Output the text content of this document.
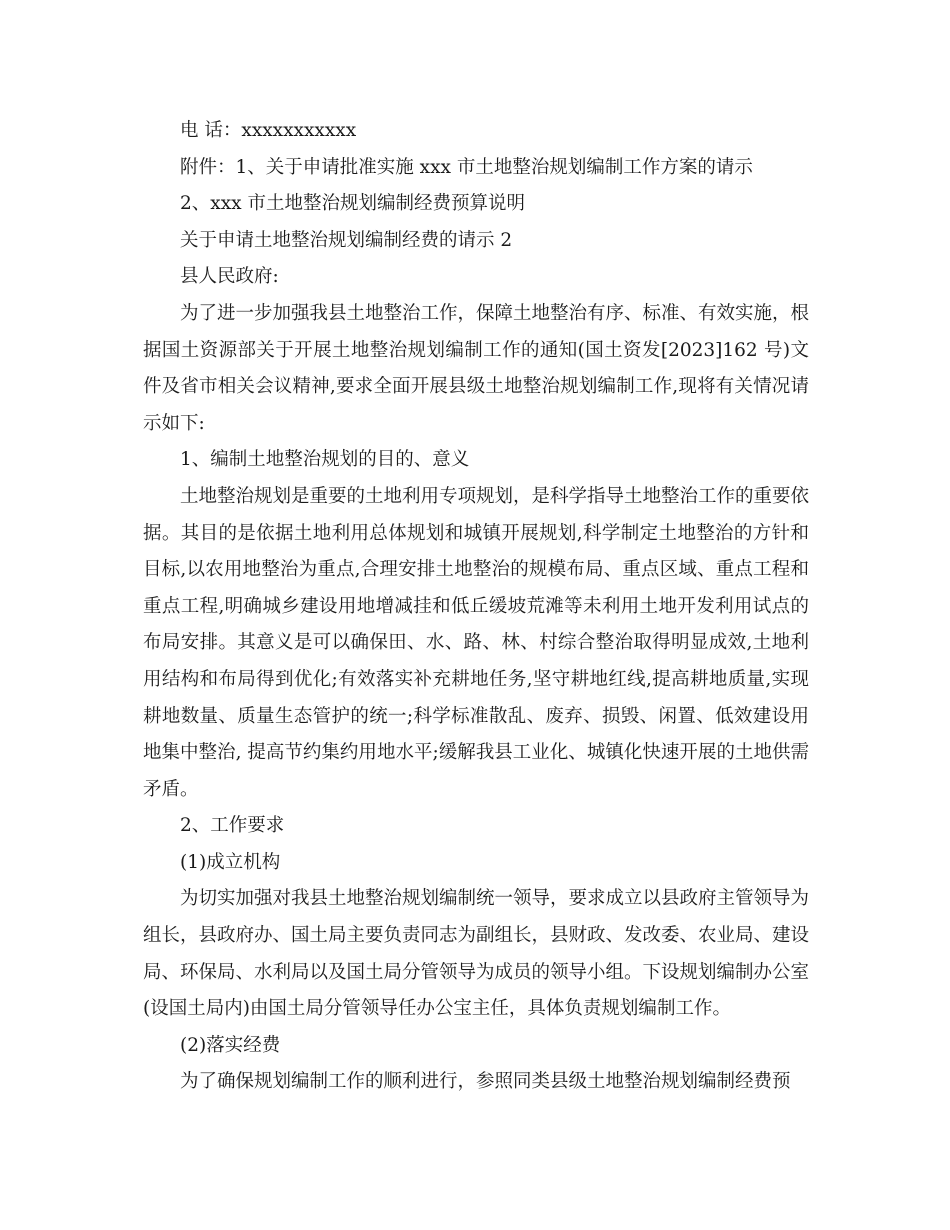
电 话：xxxxxxxxxxx
附件：1、关于申请批准实施 xxx 市土地整治规划编制工作方案的请示
2、xxx 市土地整治规划编制经费预算说明
关于申请土地整治规划编制经费的请示 2
县人民政府:

为了进一步加强我县土地整治工作，保障土地整治有序、标准、有效实施，根据国土资源部关于开展土地整治规划编制工作的通知(国土资发[2023]162 号)文件及省市相关会议精神,要求全面开展县级土地整治规划编制工作,现将有关情况请示如下:

1、编制土地整治规划的目的、意义

土地整治规划是重要的土地利用专项规划，是科学指导土地整治工作的重要依据。其目的是依据土地利用总体规划和城镇开展规划,科学制定土地整治的方针和目标,以农用地整治为重点,合理安排土地整治的规模布局、重点区域、重点工程和重点工程,明确城乡建设用地增减挂和低丘缓坡荒滩等未利用土地开发利用试点的布局安排。其意义是可以确保田、水、路、林、村综合整治取得明显成效,土地利用结构和布局得到优化;有效落实补充耕地任务,坚守耕地红线,提高耕地质量,实现耕地数量、质量生态管护的统一;科学标准散乱、废弃、损毁、闲置、低效建设用地集中整治, 提高节约集约用地水平;缓解我县工业化、城镇化快速开展的土地供需矛盾。

2、工作要求
(1)成立机构

为切实加强对我县土地整治规划编制统一领导，要求成立以县政府主管领导为组长，县政府办、国土局主要负责同志为副组长，县财政、发改委、农业局、建设局、环保局、水利局以及国土局分管领导为成员的领导小组。下设规划编制办公室(设国土局内)由国土局分管领导任办公宝主任，具体负责规划编制工作。

(2)落实经费

为了确保规划编制工作的顺利进行，参照同类县级土地整治规划编制经费预
